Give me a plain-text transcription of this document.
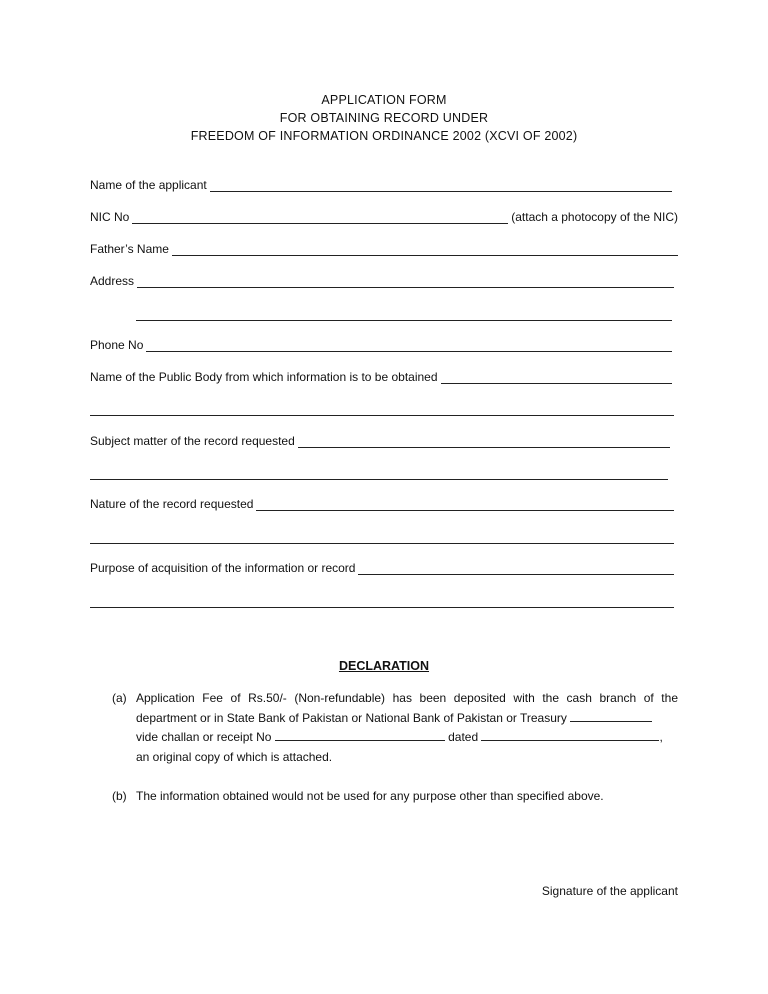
APPLICATION FORM
FOR OBTAINING RECORD UNDER
FREEDOM OF INFORMATION ORDINANCE 2002 (XCVI OF 2002)
Name of the applicant
NIC No	(attach a photocopy of the NIC)
Father’s Name
Address
Phone No
Name of the Public Body from which information is to be obtained
Subject matter of the record requested
Nature of the record requested
Purpose of acquisition of the information or record
DECLARATION
(a) Application Fee of Rs.50/- (Non-refundable) has been deposited with the cash branch of the department or in State Bank of Pakistan or National Bank of Pakistan or Treasury
vide challan or receipt No	dated	,
an original copy of which is attached.
(b) The information obtained would not be used for any purpose other than specified above.
Signature of the applicant
